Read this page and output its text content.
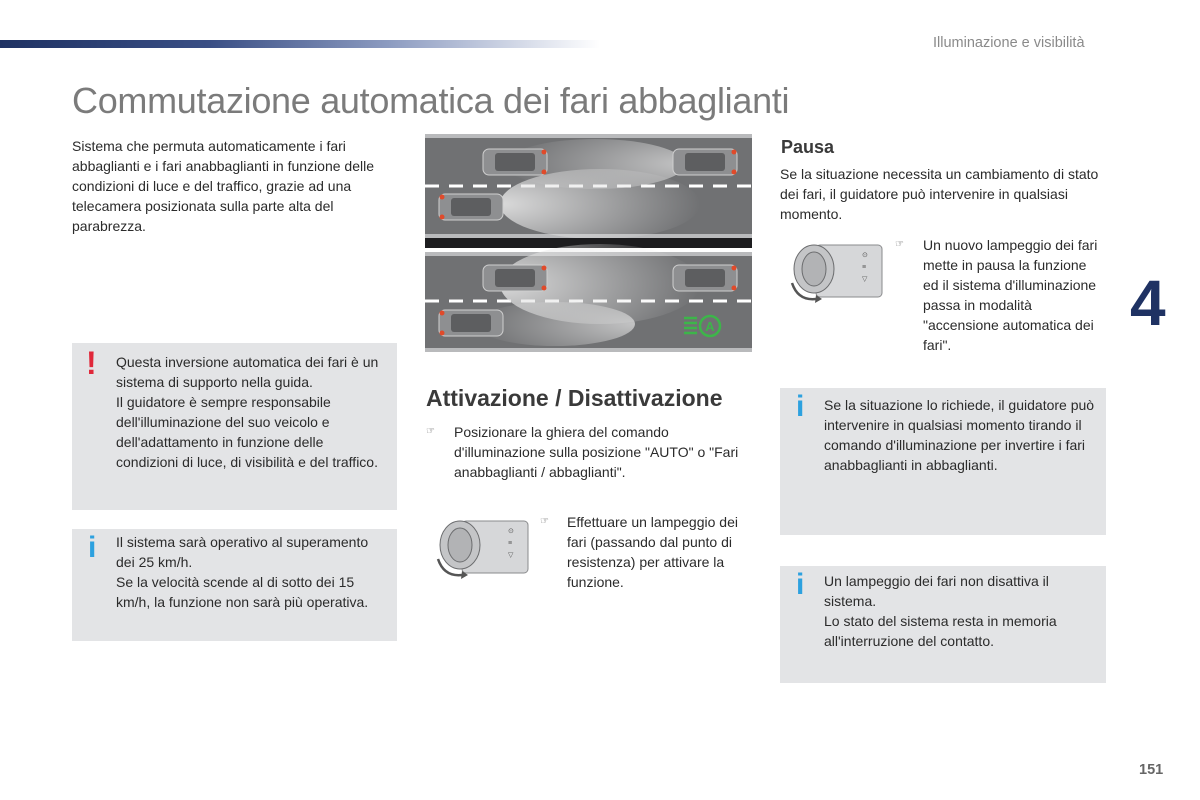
Illuminazione e visibilità
Commutazione automatica dei fari abbaglianti

Sistema che permuta automaticamente i fari abbaglianti e i fari anabbaglianti in funzione delle condizioni di luce e del traffico, grazie ad una telecamera posizionata sulla parte alta del parabrezza.

A
! Questa inversione automatica dei fari è un sistema di supporto nella guida.
Il guidatore è sempre responsabile dell'illuminazione del suo veicolo e dell'adattamento in funzione delle condizioni di luce, di visibilità e del traffico.
i Il sistema sarà operativo al superamento dei 25 km/h.
Se la velocità scende al di sotto dei 15 km/h, la funzione non sarà più operativa.
Attivazione / Disattivazione
☞	Posizionare la ghiera del comando d'illuminazione sulla posizione "AUTO" o "Fari anabbaglianti / abbaglianti".
⊙
≡
▽
☞	Effettuare un lampeggio dei fari (passando dal punto di resistenza) per attivare la funzione.
Pausa

Se la situazione necessita un cambiamento di stato dei fari, il guidatore può intervenire in qualsiasi momento.

⊙
≡
▽
☞	Un nuovo lampeggio dei fari mette in pausa la funzione ed il sistema d'illuminazione passa in modalità "accensione automatica dei fari".
i Se la situazione lo richiede, il guidatore può intervenire in qualsiasi momento tirando il comando d'illuminazione per invertire i fari anabbaglianti in abbaglianti.
i Un lampeggio dei fari non disattiva il sistema.
Lo stato del sistema resta in memoria all'interruzione del contatto.
4
151
